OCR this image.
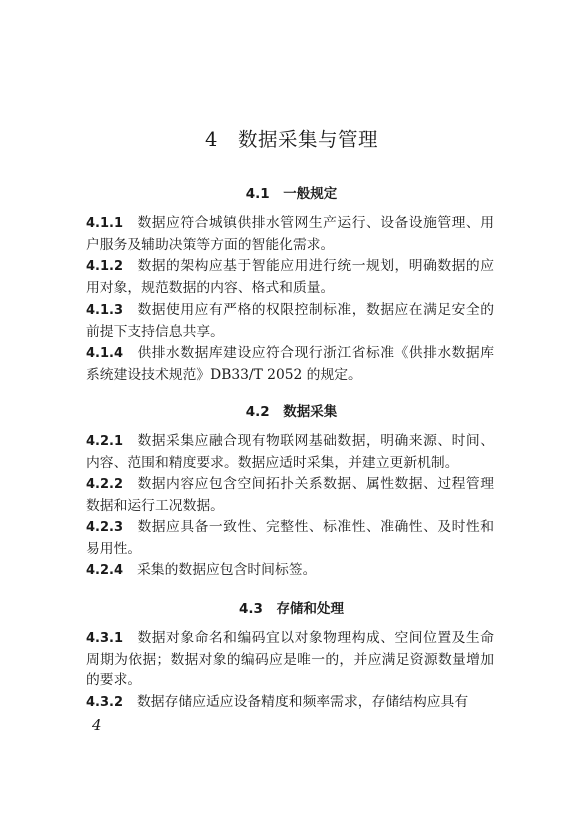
4　数据采集与管理
4.1　一般规定
4.1.1 数据应符合城镇供排水管网生产运行、设备设施管理、用户服务及辅助决策等方面的智能化需求。
4.1.2 数据的架构应基于智能应用进行统一规划，明确数据的应用对象，规范数据的内容、格式和质量。
4.1.3 数据使用应有严格的权限控制标准，数据应在满足安全的前提下支持信息共享。
4.1.4 供排水数据库建设应符合现行浙江省标准《供排水数据库系统建设技术规范》DB33/T 2052 的规定。
4.2　数据采集
4.2.1 数据采集应融合现有物联网基础数据，明确来源、时间、内容、范围和精度要求。数据应适时采集，并建立更新机制。
4.2.2 数据内容应包含空间拓扑关系数据、属性数据、过程管理数据和运行工况数据。
4.2.3 数据应具备一致性、完整性、标准性、准确性、及时性和易用性。
4.2.4 采集的数据应包含时间标签。
4.3　存储和处理
4.3.1 数据对象命名和编码宜以对象物理构成、空间位置及生命周期为依据；数据对象的编码应是唯一的，并应满足资源数量增加的要求。
4.3.2 数据存储应适应设备精度和频率需求，存储结构应具有
4
